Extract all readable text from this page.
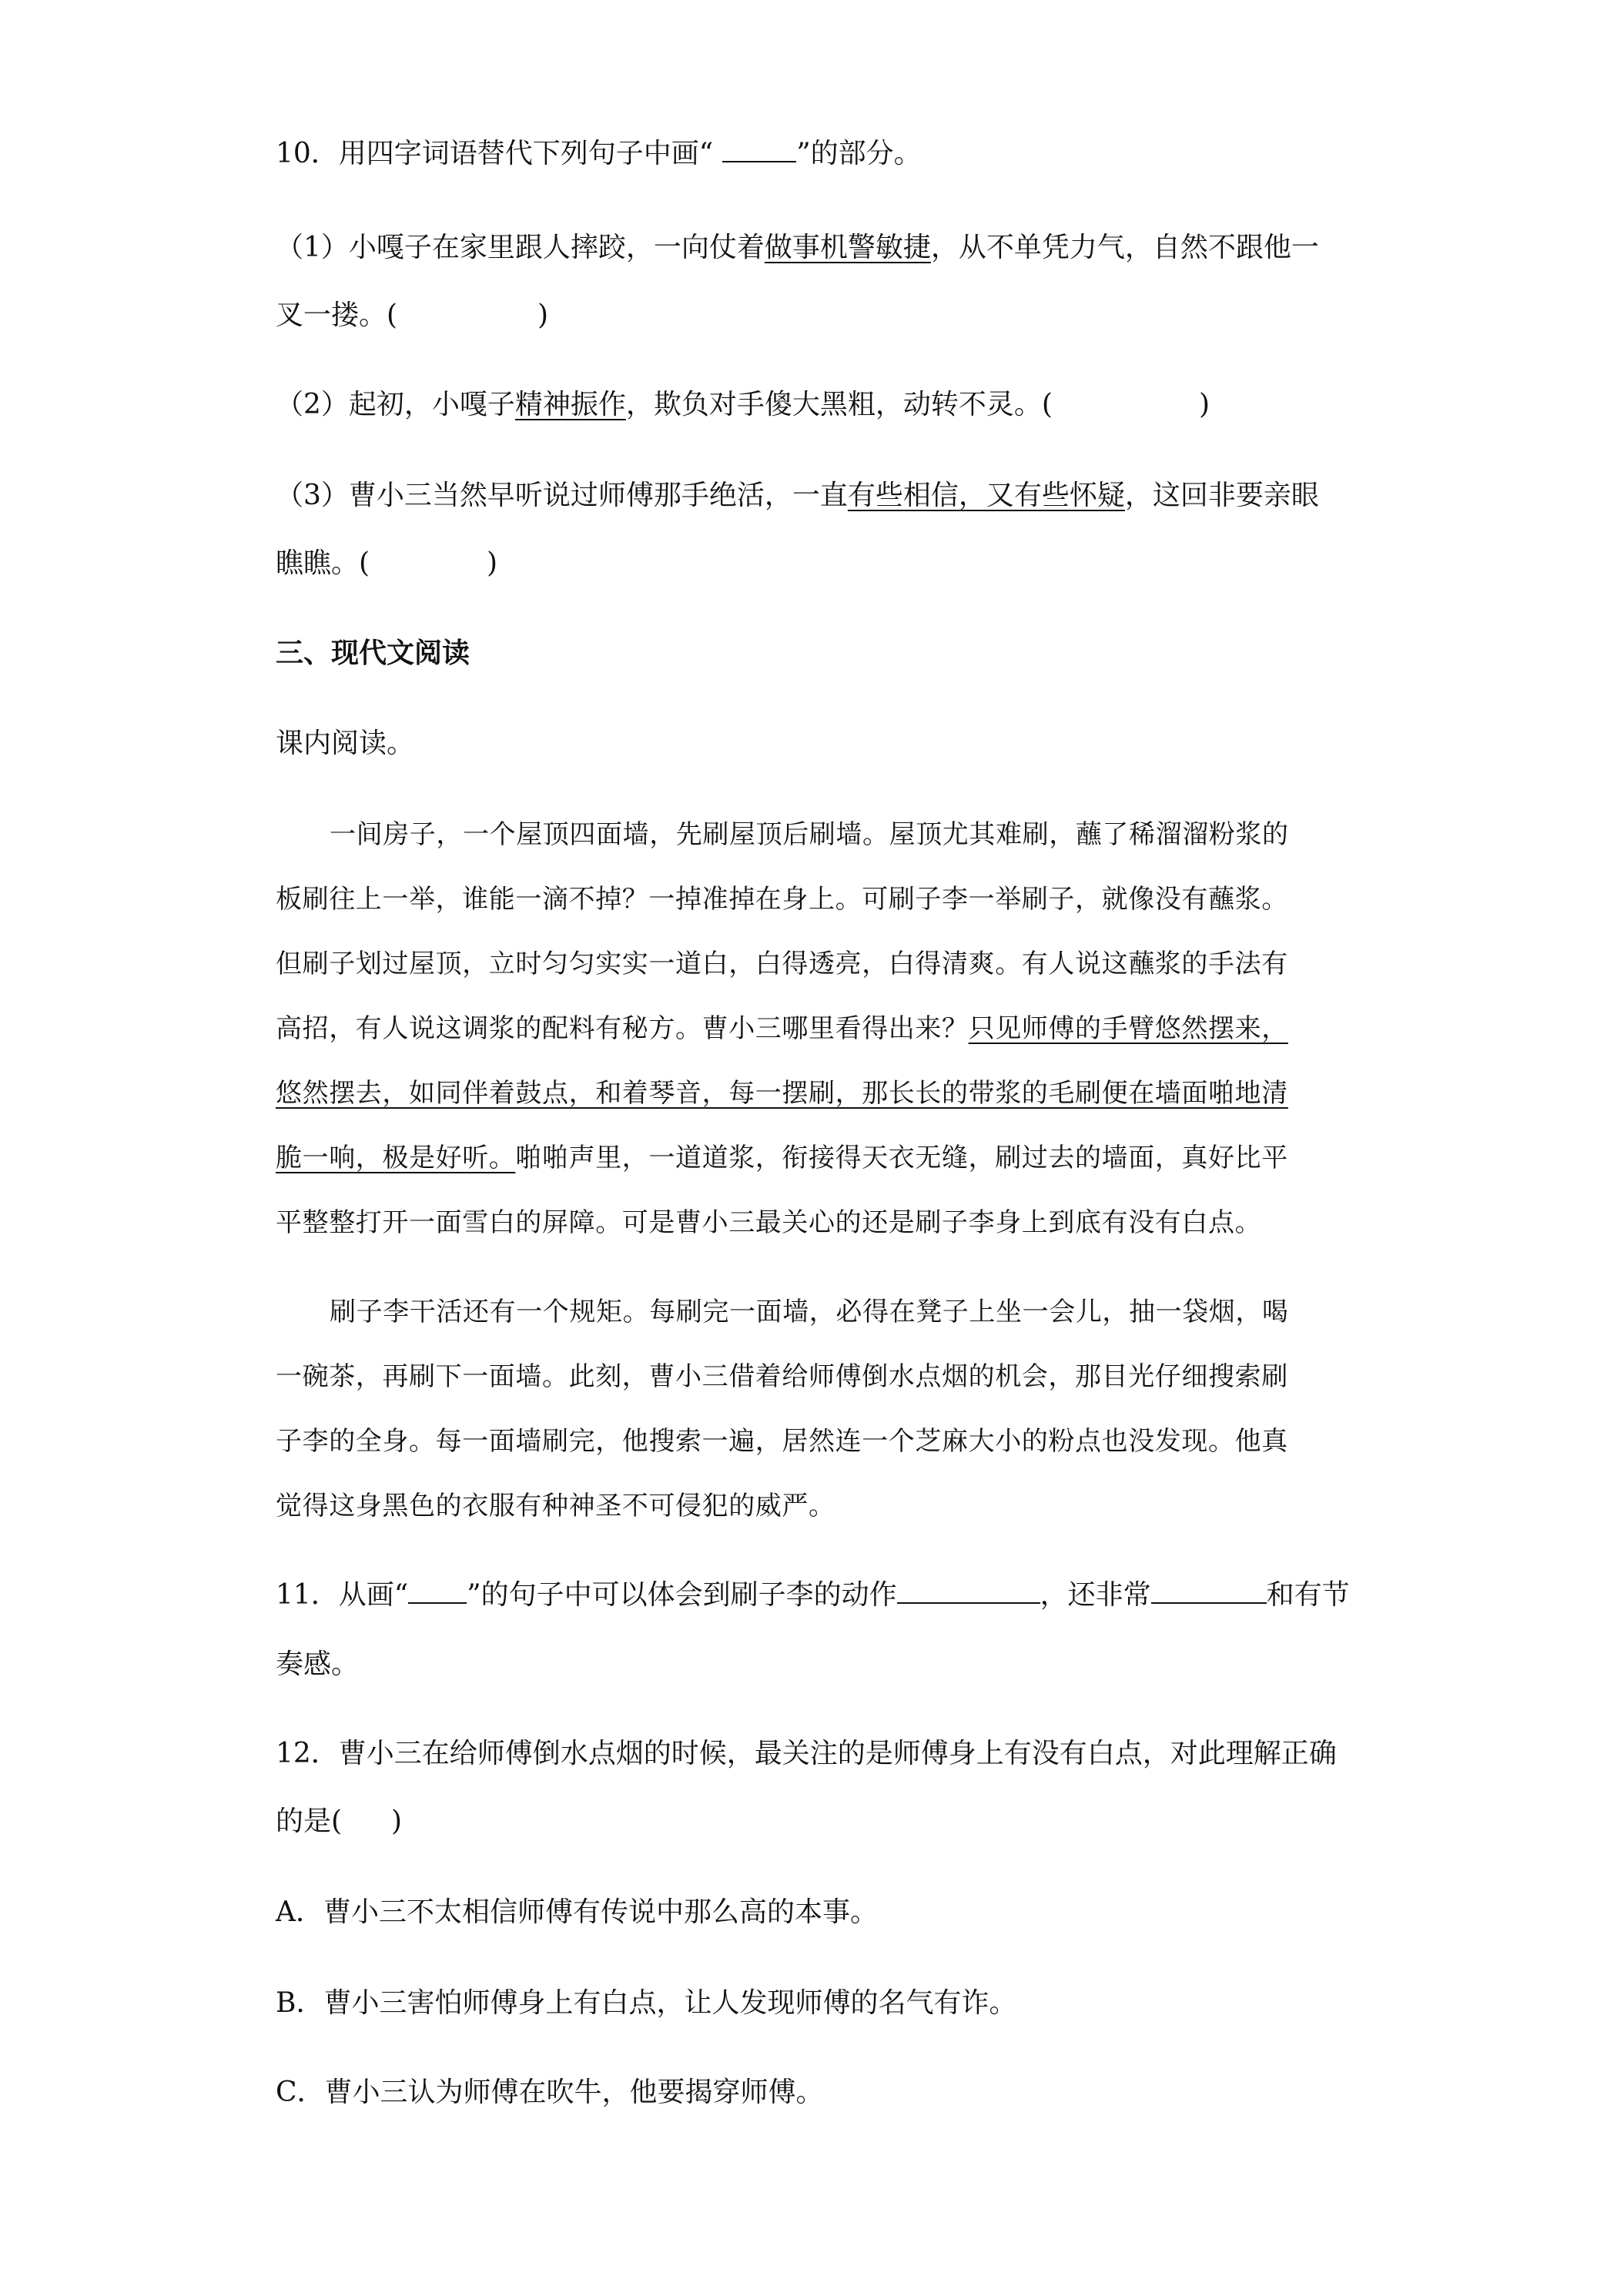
10．用四字词语替代下列句子中画“	”的部分。

（1）小嘎子在家里跟人摔跤，一向仗着做事机警敏捷，从不单凭力气，自然不跟他一

叉一搂。(	)

（2）起初，小嘎子精神振作，欺负对手傻大黑粗，动转不灵。(	)

（3）曹小三当然早听说过师傅那手绝活，一直有些相信，又有些怀疑，这回非要亲眼

瞧瞧。(	)

三、现代文阅读

课内阅读。

一间房子，一个屋顶四面墙，先刷屋顶后刷墙。屋顶尤其难刷，蘸了稀溜溜粉浆的

板刷往上一举，谁能一滴不掉？一掉准掉在身上。可刷子李一举刷子，就像没有蘸浆。

但刷子划过屋顶，立时匀匀实实一道白，白得透亮，白得清爽。有人说这蘸浆的手法有

高招，有人说这调浆的配料有秘方。曹小三哪里看得出来？只见师傅的手臂悠然摆来，

悠然摆去，如同伴着鼓点，和着琴音，每一摆刷，那长长的带浆的毛刷便在墙面啪地清

脆一响，极是好听。啪啪声里，一道道浆，衔接得天衣无缝，刷过去的墙面，真好比平

平整整打开一面雪白的屏障。可是曹小三最关心的还是刷子李身上到底有没有白点。

刷子李干活还有一个规矩。每刷完一面墙，必得在凳子上坐一会儿，抽一袋烟，喝

一碗茶，再刷下一面墙。此刻，曹小三借着给师傅倒水点烟的机会，那目光仔细搜索刷

子李的全身。每一面墙刷完，他搜索一遍，居然连一个芝麻大小的粉点也没发现。他真

觉得这身黑色的衣服有种神圣不可侵犯的威严。

11．从画“ ”的句子中可以体会到刷子李的动作	，还非常	和有节

奏感。

12．曹小三在给师傅倒水点烟的时候，最关注的是师傅身上有没有白点，对此理解正确

的是( )

A．曹小三不太相信师傅有传说中那么高的本事。

B．曹小三害怕师傅身上有白点，让人发现师傅的名气有诈。

C．曹小三认为师傅在吹牛，他要揭穿师傅。
